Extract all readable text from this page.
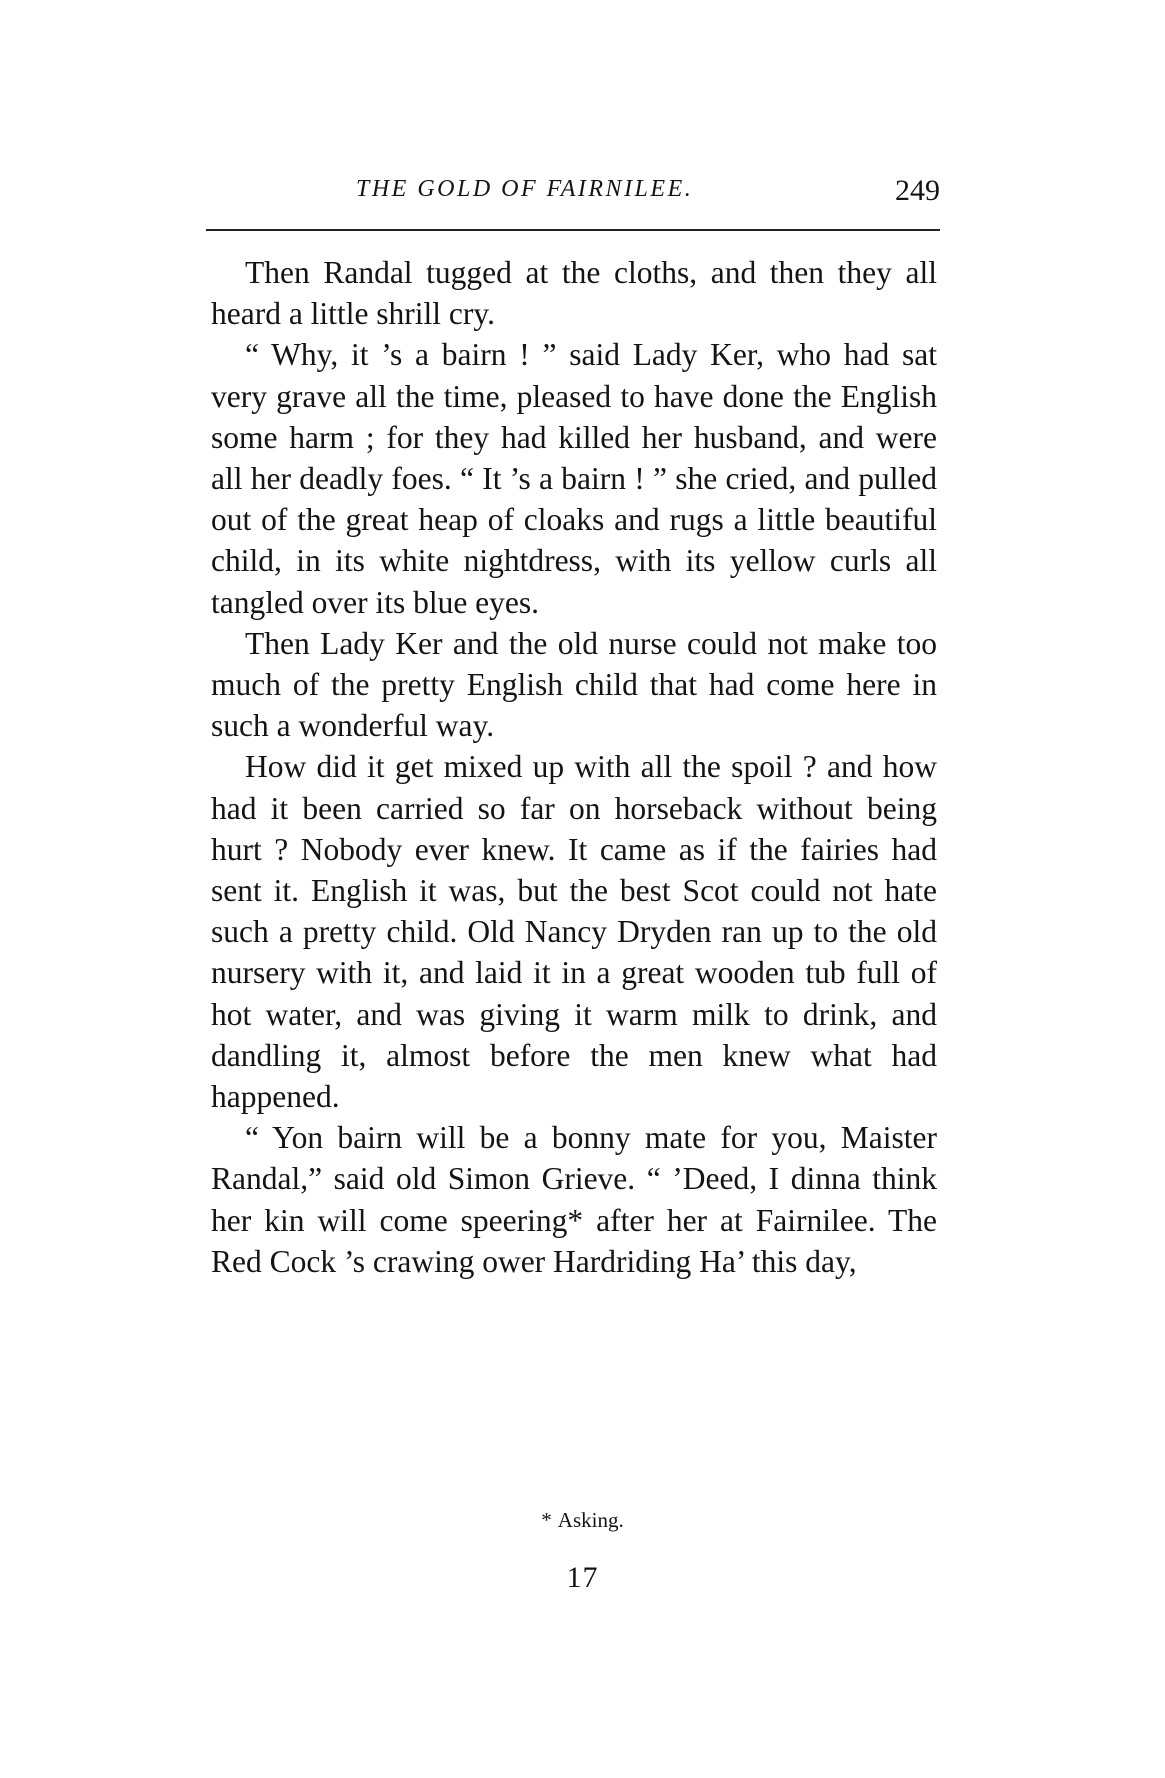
THE GOLD OF FAIRNILEE.	249

Then Randal tugged at the cloths, and then they all heard a little shrill cry.

“ Why, it ’s a bairn ! ” said Lady Ker, who had sat very grave all the time, pleased to have done the English some harm ; for they had killed her husband, and were all her deadly foes. “ It ’s a bairn ! ” she cried, and pulled out of the great heap of cloaks and rugs a little beautiful child, in its white nightdress, with its yellow curls all tangled over its blue eyes.

Then Lady Ker and the old nurse could not make too much of the pretty English child that had come here in such a wonderful way.

How did it get mixed up with all the spoil ? and how had it been carried so far on horseback without being hurt ? Nobody ever knew. It came as if the fairies had sent it. English it was, but the best Scot could not hate such a pretty child. Old Nancy Dryden ran up to the old nursery with it, and laid it in a great wooden tub full of hot water, and was giving it warm milk to drink, and dandling it, almost before the men knew what had happened.

“ Yon bairn will be a bonny mate for you, Maister Randal,” said old Simon Grieve. “ ’Deed, I dinna think her kin will come speering* after her at Fairnilee. The Red Cock ’s crawing ower Hardriding Ha’ this day,

* Asking.
17
